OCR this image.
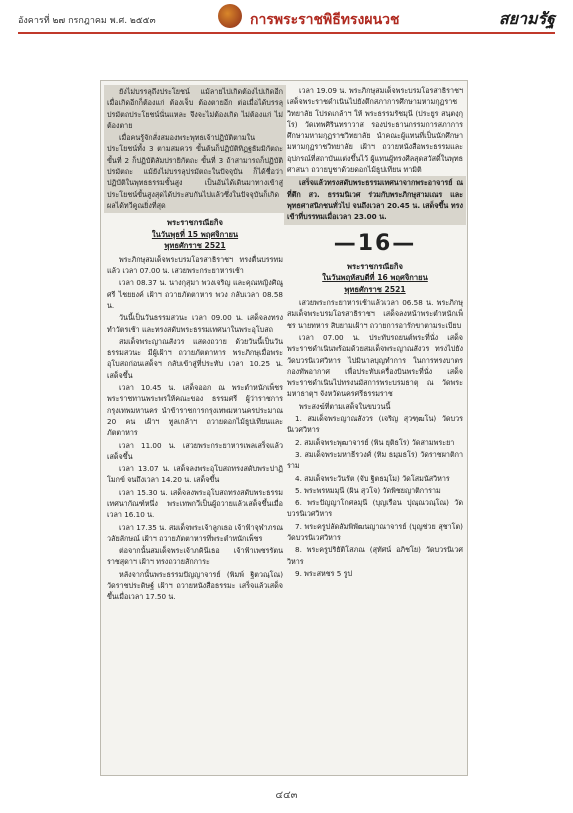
อังคารที่ ๒๗ กรกฎาคม พ.ศ. ๒๕๕๓	การพระราชพิธีทรงผนวช	สยามรัฐ

ยังไม่บรรลุถึงประโยชน์ แม้ลายไปเกิดต้องไปเกิดอีก เมื่อเกิดอีกก็ต้องแก่ ต้องเจ็บ ต้องตายอีก ต่อเมื่อได้บรรลุปรมัตถประโยชน์นั่นแหละ จึงจะไม่ต้องเกิด ไม่ต้องแก่ ไม่ต้องตาย

เมื่อคนรู้จักสั่งสมองพระพุทธเจ้าปฏิบัติตามในประโยชน์ทั้ง 3 ตามสมควร ขั้นต้นก็ปฏิบัติทิฏฐธัมมิกัตถะ ขั้นที่ 2 ก็ปฏิบัติสัมปรายิกัตถะ ขั้นที่ 3 ถ้าสามารถก็ปฏิบัติปรมัตถะ แม้ยังไม่บรรลุปรมัตถะในปัจจุบัน ก็ได้ชื่อว่าปฏิบัติในพุทธธรรมขั้นสูง เป็นอันได้เดินมาทางเข้าสู่ประโยชน์ขั้นสูงสุดได้ประสบกันไปแล้วซึ่งในปัจจุบันก็เกิดผลได้ทวีคูณยิ่งที่สุด

พระราชกรณียกิจ
ในวันพุธที่ 15 พฤศจิกายน
พุทธศักราช 2521

พระภิกษุสมเด็จพระบรมโอรสาธิราชฯ ทรงตื่นบรรทมแล้ว เวลา 07.00 น. เสวยพระกระยาหารเช้า

เวลา 08.37 น. นางกุสุมา พวงเจริญ และคุณหญิงศิณูศรี ไชยยงค์ เฝ้าฯ ถวายภัตตาหาร พวง กลับเวลา 08.58 น.

วันนี้เป็นวันธรรมสวนะ เวลา 09.00 น. เสด็จลงทรงทำวัตรเช้า และทรงสดับพระธรรมเทศนาในพระอุโบสถ

สมเด็จพระญาณสังวร แสดงถวาย ด้วยวันนี้เป็นวันธรรมสวนะ มีผู้เฝ้าฯ ถวายภัตตาหาร พระภิกษุเมื่อพระอุโบสถก่อนเสด็จฯ กลับเข้าสู่ที่ประทับ เวลา 10.25 น. เสด็จขึ้น

เวลา 10.45 น. เสด็จออก ณ พระตำหนักเพ็ชร พระราชทานพระพรให้คณะของ ธรรมศรี ผู้ว่าราชการกรุงเทพมหานคร นำข้าราชการกรุงเทพมหานครประมาณ 20 คน เฝ้าฯ ทูลเกล้าฯ ถวายดอกไม้ธูปเทียนและภัตตาหาร

เวลา 11.00 น. เสวยพระกระยาหารเพลเสร็จแล้วเสด็จขึ้น

เวลา 13.07 น. เสด็จลงพระอุโบสถทรงสดับพระปาฏิโมกข์ จนถึงเวลา 14.20 น. เสด็จขึ้น

เวลา 15.30 น. เสด็จลงพระอุโบสถทรงสดับพระธรรมเทศนากัณฑ์หนึ่ง พระเทพกวีเป็นผู้ถวายแล้วเสด็จขึ้นเมื่อเวลา 16.10 น.

เวลา 17.35 น. สมเด็จพระเจ้าลูกเธอ เจ้าฟ้าจุฬาภรณวลัยลักษณ์ เฝ้าฯ ถวายภัตตาหารที่พระตำหนักเพ็ชร

ต่อจากนั้นสมเด็จพระเจ้าภคินีเธอ เจ้าฟ้าเพชรรัตนราชสุดาฯ เฝ้าฯ ทรงถวายสักการะ

หลังจากนั้นพระธรรมปัญญาจารย์ (พิมพ์ ฐิตวณฺโณ) วัดราชประดิษฐ์ เฝ้าฯ ถวายหนังสือธรรมะ เสร็จแล้วเสด็จขึ้นเมื่อเวลา 17.50 น.

เวลา 19.09 น. พระภิกษุสมเด็จพระบรมโอรสาธิราชฯ เสด็จพระราชดำเนินไปยังตึกสภาการศึกษามหามกุฏราชวิทยาลัย โปรดเกล้าฯ ให้ พระธรรมรัชมุนี (ประยูร สนฺตงฺกุโร) วัดเทพศิรินทราวาส รองประธานกรรมการสภาการศึกษามหามกุฏราชวิทยาลัย นำคณะผู้แทนที่เป็นนักศึกษามหามกุฏราชวิทยาลัย เฝ้าฯ ถวายหนังสือพระธรรมและอุปกรณ์ที่สถาบันแต่งขึ้นไว้ ผู้แทนผู้ทรงศีลสุดสวัสดิ์ในพุทธศาสนา ถวายบูชาด้วยดอกไม้ธูปเทียน ทามิติ

เสร็จแล้วทรงสดับพระธรรมเทศนาจากพระอาจารย์ ณ ที่ตึก สว. ธรรมนิเวศ ร่วมกับพระภิกษุสามเณร และพุทธศาสนิกชนทั่วไป จนถึงเวลา 20.45 น. เสด็จขึ้น ทรงเข้าที่บรรทมเมื่อเวลา 23.00 น.

—16—
พระราชกรณียกิจ
ในวันพฤหัสบดีที่ 16 พฤศจิกายน
พุทธศักราช 2521

เสวยพระกระยาหารเช้าแล้วเวลา 06.58 น. พระภิกษุสมเด็จพระบรมโอรสาธิราชฯ เสด็จลงหน้าพระตำหนักเพ็ชร นายทหาร สิบยามเฝ้าฯ ถวายการอารักขาตามระเบียบ

เวลา 07.00 น. ประทับรถยนต์พระที่นั่ง เสด็จพระราชดำเนินพร้อมด้วยสมเด็จพระญาณสังวร ทรงไปยังวัดบวรนิเวศวิหาร ไปมินาลบุญทำการ ในการทรงบาตร กองทัพอากาศ เพื่อประทับเครื่องบินพระที่นั่ง เสด็จพระราชดำเนินไปทรงนมัสการพระบรมธาตุ ณ วัดพระมหาธาตุฯ จังหวัดนครศรีธรรมราช

พระสงฆ์ที่ตามเสด็จในขบวนนี้

1. สมเด็จพระญาณสังวร (เจริญ สุวฑฺฒโน) วัดบวรนิเวศวิหาร

2. สมเด็จพระพุฒาจารย์ (พิน ยุติธโร) วัดสามพระยา

3. สมเด็จพระมหาธีรวงศ์ (ทิม ธมฺมธโร) วัดราชผาติการาม

4. สมเด็จพระวันรัต (จับ ฐิตธมฺโม) วัดโสมนัสวิหาร

5. พระพรหมมุนี (ผิน สุวโจ) วัดพิชยญาติการาม

6. พระปัญญาโกศลมุนี (บุญเรือน ปุณฺณวณฺโณ) วัดบวรนิเวศวิหาร

7. พระครูปลัดสัมพิพัฒนญาณาจารย์ (บุญช่วย สุชาโต) วัดบวรนิเวศวิหาร

8. พระครูปริยัติโสภณ (สุทัศน์ อภิชโย) วัดบวรนิเวศวิหาร

9. พระสหชร 5 รูป

๔๔๓
